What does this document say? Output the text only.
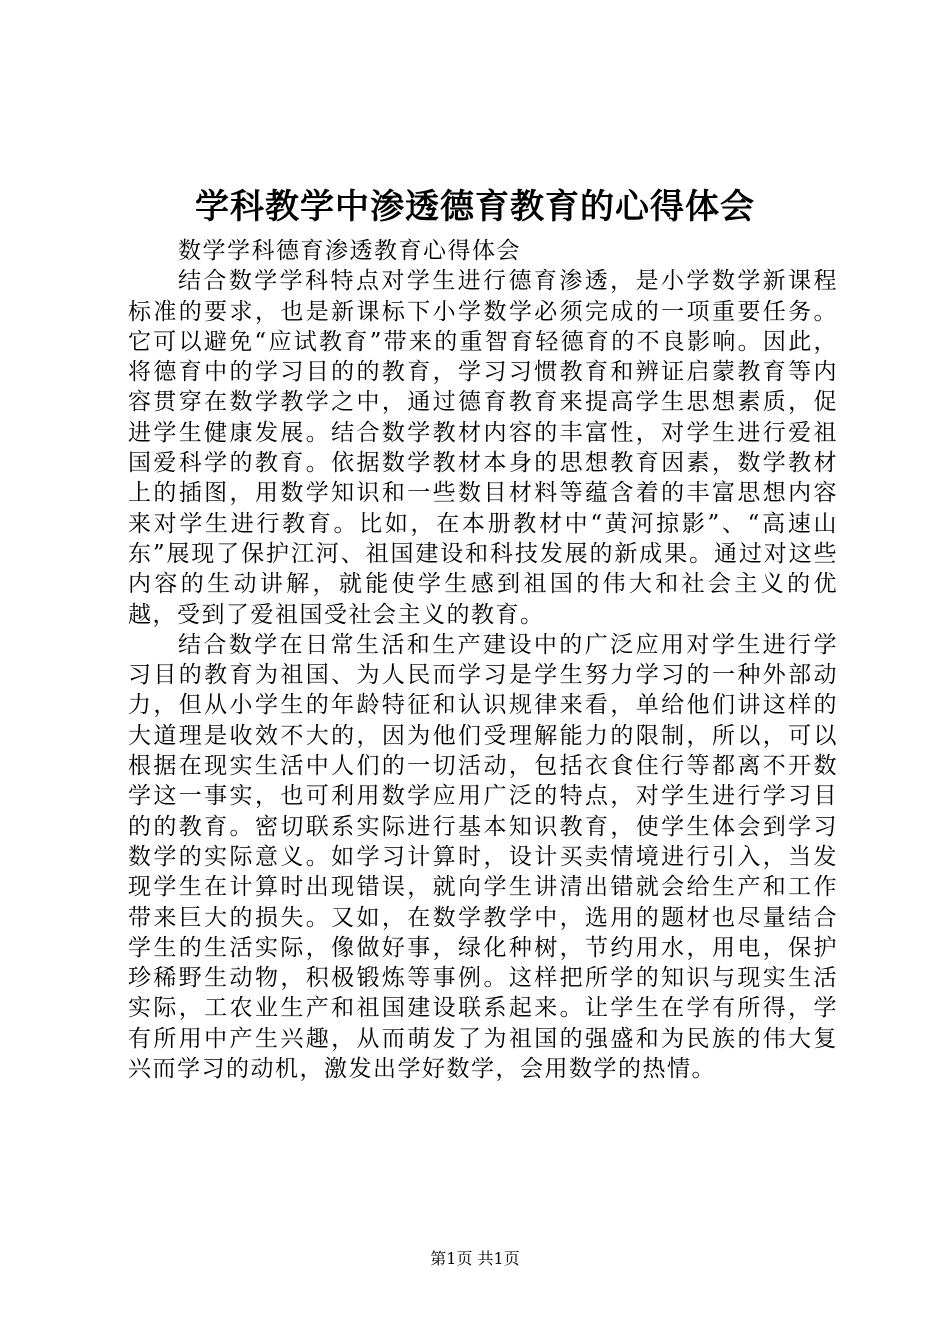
学科教学中渗透德育教育的心得体会

数学学科德育渗透教育心得体会

结合数学学科特点对学生进行德育渗透，是小学数学新课程标准的要求，也是新课标下小学数学必须完成的一项重要任务。它可以避免“应试教育”带来的重智育轻德育的不良影响。因此，将德育中的学习目的的教育，学习习惯教育和辨证启蒙教育等内容贯穿在数学教学之中，通过德育教育来提高学生思想素质，促进学生健康发展。结合数学教材内容的丰富性，对学生进行爱祖国爱科学的教育。依据数学教材本身的思想教育因素，数学教材上的插图，用数学知识和一些数目材料等蕴含着的丰富思想内容来对学生进行教育。比如，在本册教材中“黄河掠影”、“高速山东”展现了保护江河、祖国建设和科技发展的新成果。通过对这些内容的生动讲解，就能使学生感到祖国的伟大和社会主义的优越，受到了爱祖国受社会主义的教育。

结合数学在日常生活和生产建设中的广泛应用对学生进行学习目的教育为祖国、为人民而学习是学生努力学习的一种外部动力，但从小学生的年龄特征和认识规律来看，单给他们讲这样的大道理是收效不大的，因为他们受理解能力的限制，所以，可以根据在现实生活中人们的一切活动，包括衣食住行等都离不开数学这一事实，也可利用数学应用广泛的特点，对学生进行学习目的的教育。密切联系实际进行基本知识教育，使学生体会到学习数学的实际意义。如学习计算时，设计买卖情境进行引入，当发现学生在计算时出现错误，就向学生讲清出错就会给生产和工作带来巨大的损失。又如，在数学教学中，选用的题材也尽量结合学生的生活实际，像做好事，绿化种树，节约用水，用电，保护珍稀野生动物，积极锻炼等事例。这样把所学的知识与现实生活实际，工农业生产和祖国建设联系起来。让学生在学有所得，学有所用中产生兴趣，从而萌发了为祖国的强盛和为民族的伟大复兴而学习的动机，激发出学好数学，会用数学的热情。

第1页 共1页
